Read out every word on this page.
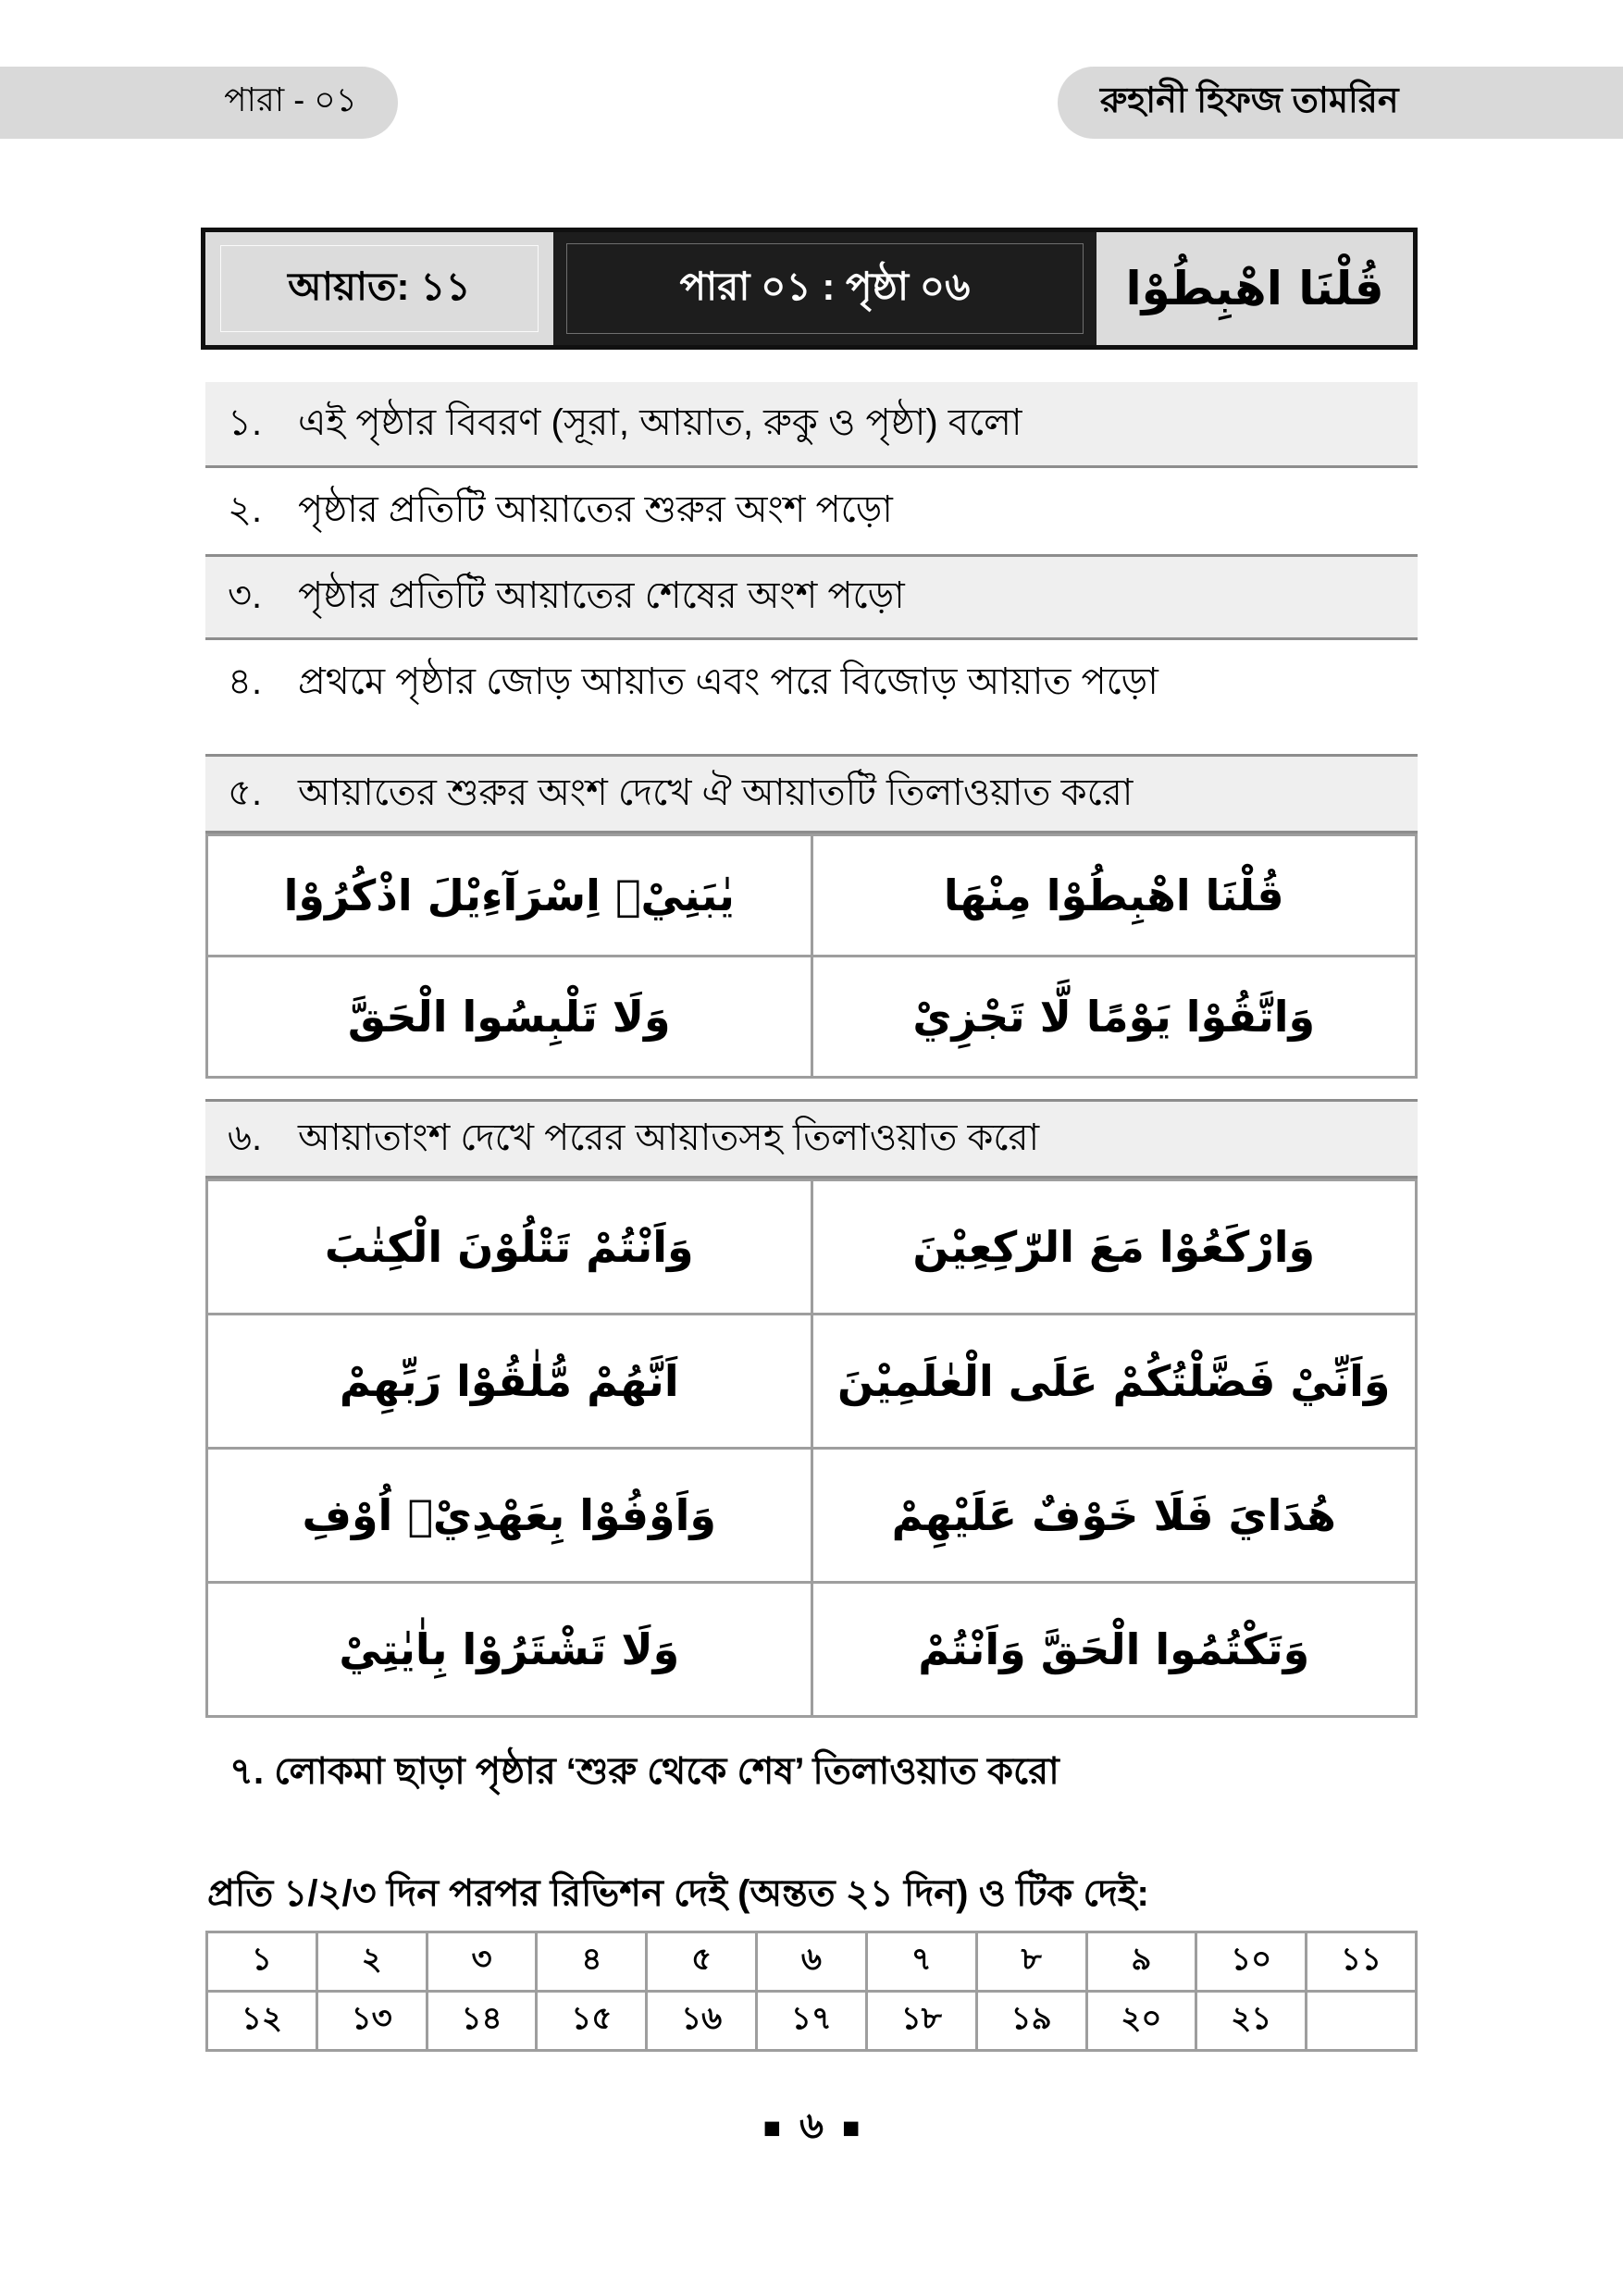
পারা - ০১	রুহানী হিফজ তামরিন
আয়াত: ১১	পারা ০১ : পৃষ্ঠা ০৬	قُلْنَا اهْبِطُوْا
১. এই পৃষ্ঠার বিবরণ (সূরা, আয়াত, রুকু ও পৃষ্ঠা) বলো
২. পৃষ্ঠার প্রতিটি আয়াতের শুরুর অংশ পড়ো
৩. পৃষ্ঠার প্রতিটি আয়াতের শেষের অংশ পড়ো
৪. প্রথমে পৃষ্ঠার জোড় আয়াত এবং পরে বিজোড় আয়াত পড়ো
৫. আয়াতের শুরুর অংশ দেখে ঐ আয়াতটি তিলাওয়াত করো
يٰبَنِيْۤ اِسْرَآءِيْلَ اذْكُرُوْا	قُلْنَا اهْبِطُوْا مِنْهَا
وَلَا تَلْبِسُوا الْحَقَّ	وَاتَّقُوْا يَوْمًا لَّا تَجْزِيْ
৬. আয়াতাংশ দেখে পরের আয়াতসহ তিলাওয়াত করো
وَاَنْتُمْ تَتْلُوْنَ الْكِتٰبَ	وَارْكَعُوْا مَعَ الرّٰكِعِيْنَ
اَنَّهُمْ مُّلٰقُوْا رَبِّهِمْ	وَاَنِّيْ فَضَّلْتُكُمْ عَلَى الْعٰلَمِيْنَ
وَاَوْفُوْا بِعَهْدِيْۤ اُوْفِ	هُدَايَ فَلَا خَوْفٌ عَلَيْهِمْ
وَلَا تَشْتَرُوْا بِاٰيٰتِيْ	وَتَكْتُمُوا الْحَقَّ وَاَنْتُمْ
৭. লোকমা ছাড়া পৃষ্ঠার ‘শুরু থেকে শেষ’ তিলাওয়াত করো
প্রতি ১/২/৩ দিন পরপর রিভিশন দেই (অন্তত ২১ দিন) ও টিক দেই:
১	২	৩	৪	৫	৬	৭	৮	৯	১০	১১
১২	১৩	১৪	১৫	১৬	১৭	১৮	১৯	২০	২১	
■ ৬ ■
